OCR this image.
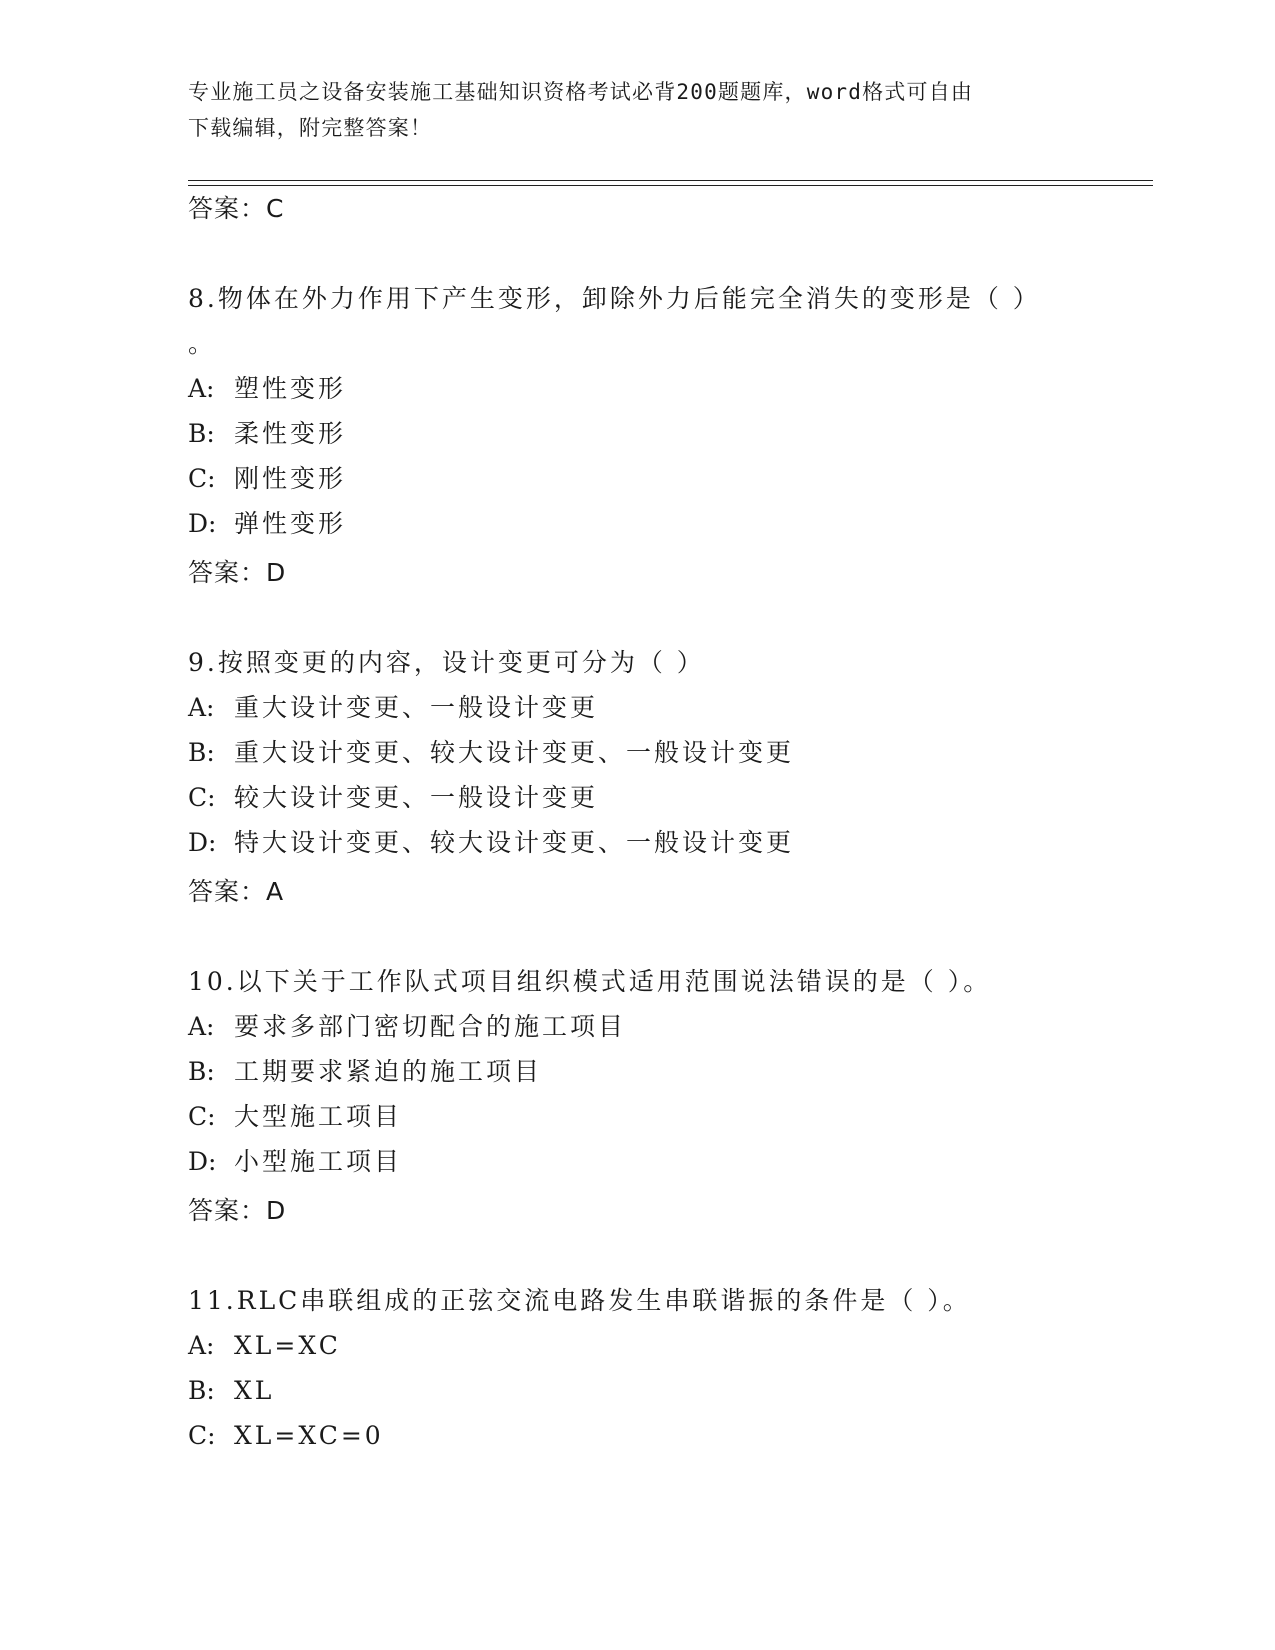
专业施工员之设备安装施工基础知识资格考试必背200题题库，word格式可自由
下载编辑，附完整答案！
答案：C
8.物体在外力作用下产生变形，卸除外力后能完全消失的变形是（ ）
。
A: 塑性变形
B: 柔性变形
C: 刚性变形
D: 弹性变形
答案：D
9.按照变更的内容，设计变更可分为（ ）
A: 重大设计变更、一般设计变更
B: 重大设计变更、较大设计变更、一般设计变更
C: 较大设计变更、一般设计变更
D: 特大设计变更、较大设计变更、一般设计变更
答案：A
10.以下关于工作队式项目组织模式适用范围说法错误的是（ ）。
A: 要求多部门密切配合的施工项目
B: 工期要求紧迫的施工项目
C: 大型施工项目
D: 小型施工项目
答案：D
11.RLC串联组成的正弦交流电路发生串联谐振的条件是（ ）。
A: XL=XC
B: XL
C: XL=XC=0
